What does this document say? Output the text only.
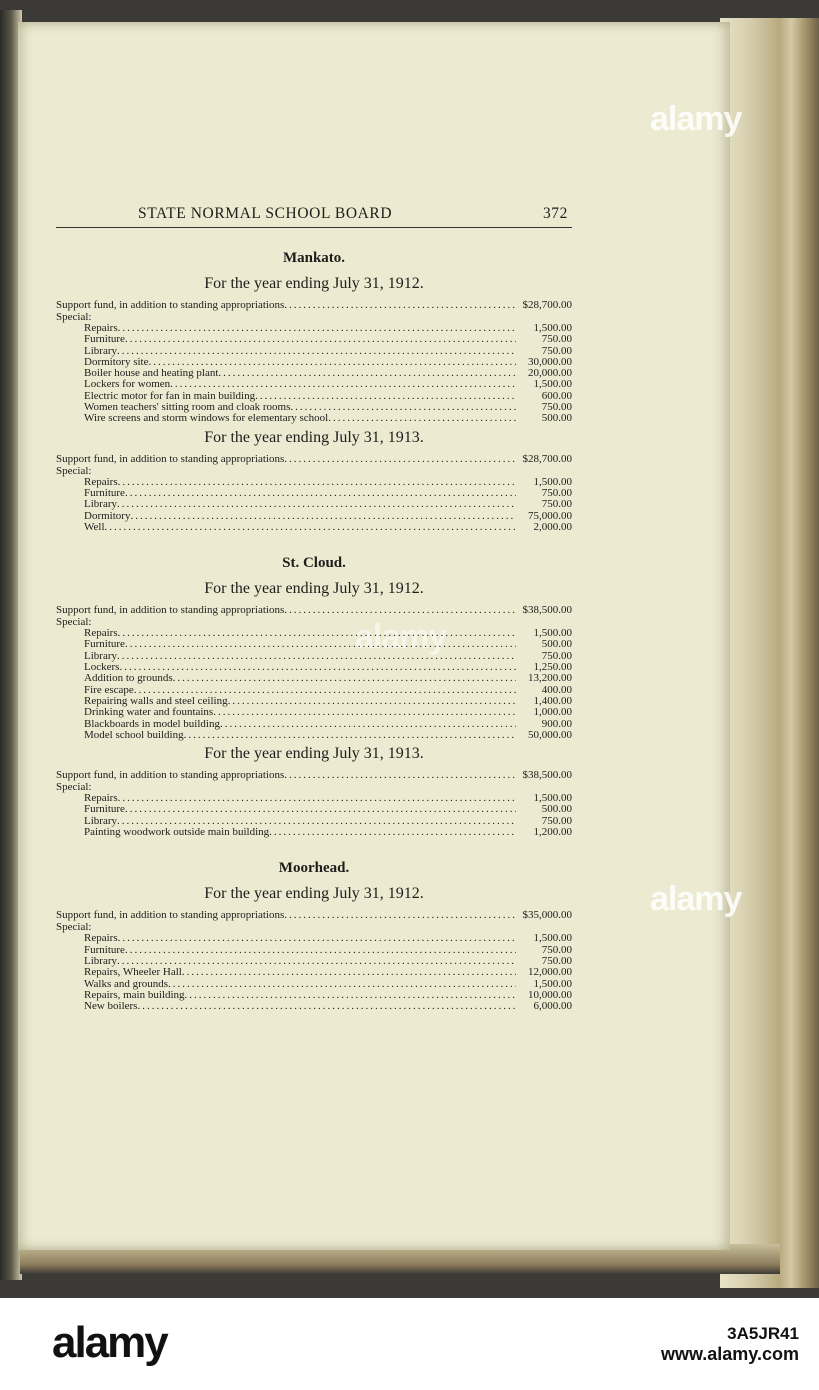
alamy
alamy
alamy
STATE NORMAL SCHOOL BOARD	372
Mankato.
For the year ending July 31, 1912.
Support fund, in addition to standing appropriations .....	$28,700.00
Special:
Repairs .....	1,500.00
Furniture .....	750.00
Library .....	750.00
Dormitory site .....	30,000.00
Boiler house and heating plant .....	20,000.00
Lockers for women .....	1,500.00
Electric motor for fan in main building .....	600.00
Women teachers' sitting room and cloak rooms .....	750.00
Wire screens and storm windows for elementary school .....	500.00
For the year ending July 31, 1913.
Support fund, in addition to standing appropriations .....	$28,700.00
Special:
Repairs .....	1,500.00
Furniture .....	750.00
Library .....	750.00
Dormitory .....	75,000.00
Well .....	2,000.00
St. Cloud.
For the year ending July 31, 1912.
Support fund, in addition to standing appropriations .....	$38,500.00
Special:
Repairs .....	1,500.00
Furniture .....	500.00
Library .....	750.00
Lockers .....	1,250.00
Addition to grounds .....	13,200.00
Fire escape .....	400.00
Repairing walls and steel ceiling .....	1,400.00
Drinking water and fountains .....	1,000.00
Blackboards in model building .....	900.00
Model school building .....	50,000.00
For the year ending July 31, 1913.
Support fund, in addition to standing appropriations .....	$38,500.00
Special:
Repairs .....	1,500.00
Furniture .....	500.00
Library .....	750.00
Painting woodwork outside main building .....	1,200.00
Moorhead.
For the year ending July 31, 1912.
Support fund, in addition to standing appropriations .....	$35,000.00
Special:
Repairs .....	1,500.00
Furniture .....	750.00
Library .....	750.00
Repairs, Wheeler Hall .....	12,000.00
Walks and grounds .....	1,500.00
Repairs, main building .....	10,000.00
New boilers .....	6,000.00
alamy	3A5JR41
www.alamy.com
